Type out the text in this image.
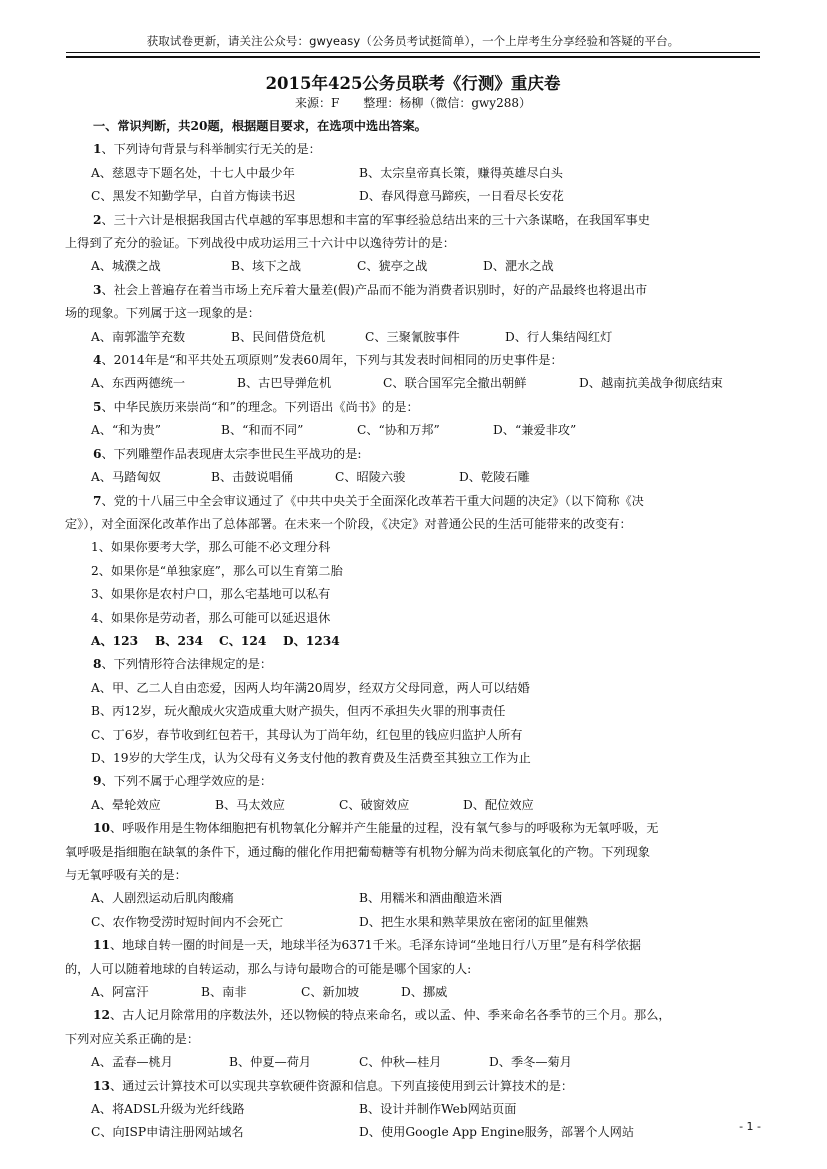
获取试卷更新，请关注公众号：gwyeasy（公务员考试挺简单），一个上岸考生分享经验和答疑的平台。
2015年425公务员联考《行测》重庆卷
来源：F　　整理：杨柳（微信：gwy288）

一、常识判断，共20题，根据题目要求，在选项中选出答案。

1、下列诗句背景与科举制实行无关的是：

A、慈恩寺下题名处，十七人中最少年	B、太宗皇帝真长策，赚得英雄尽白头

C、黑发不知勤学早，白首方悔读书迟	D、春风得意马蹄疾，一日看尽长安花

2、三十六计是根据我国古代卓越的军事思想和丰富的军事经验总结出来的三十六条谋略，在我国军事史

上得到了充分的验证。下列战役中成功运用三十六计中以逸待劳计的是：

A、城濮之战	B、垓下之战	C、猇亭之战	D、淝水之战

3、社会上普遍存在着当市场上充斥着大量差(假)产品而不能为消费者识别时，好的产品最终也将退出市

场的现象。下列属于这一现象的是：

A、南郭滥竽充数	B、民间借贷危机	C、三聚氰胺事件	D、行人集结闯红灯

4、2014年是“和平共处五项原则”发表60周年，下列与其发表时间相同的历史事件是：

A、东西两德统一	B、古巴导弹危机	C、联合国军完全撤出朝鲜	D、越南抗美战争彻底结束

5、中华民族历来崇尚“和”的理念。下列语出《尚书》的是：

A、“和为贵”	B、“和而不同”	C、“协和万邦”	D、“兼爱非攻”

6、下列雕塑作品表现唐太宗李世民生平战功的是:

A、马踏匈奴	B、击鼓说唱俑	C、昭陵六骏	D、乾陵石雕

7、党的十八届三中全会审议通过了《中共中央关于全面深化改革若干重大问题的决定》（以下简称《决

定》），对全面深化改革作出了总体部署。在未来一个阶段，《决定》对普通公民的生活可能带来的改变有：

1、如果你要考大学，那么可能不必文理分科

2、如果你是“单独家庭”，那么可以生育第二胎

3、如果你是农村户口，那么宅基地可以私有

4、如果你是劳动者，那么可能可以延迟退休

A、123 B、234 C、124 D、1234

8、下列情形符合法律规定的是：

A、甲、乙二人自由恋爱，因两人均年满20周岁，经双方父母同意，两人可以结婚

B、丙12岁，玩火酿成火灾造成重大财产损失，但丙不承担失火罪的刑事责任

C、丁6岁，春节收到红包若干，其母认为丁尚年幼，红包里的钱应归监护人所有

D、19岁的大学生戊，认为父母有义务支付他的教育费及生活费至其独立工作为止

9、下列不属于心理学效应的是：

A、晕轮效应	B、马太效应	C、破窗效应	D、配位效应

10、呼吸作用是生物体细胞把有机物氧化分解并产生能量的过程，没有氧气参与的呼吸称为无氧呼吸，无

氧呼吸是指细胞在缺氧的条件下，通过酶的催化作用把葡萄糖等有机物分解为尚未彻底氧化的产物。下列现象

与无氧呼吸有关的是：

A、人剧烈运动后肌肉酸痛	B、用糯米和酒曲酿造米酒

C、农作物受涝时短时间内不会死亡	D、把生水果和熟苹果放在密闭的缸里催熟

11、地球自转一圈的时间是一天，地球半径为6371千米。毛泽东诗词“坐地日行八万里”是有科学依据

的，人可以随着地球的自转运动，那么与诗句最吻合的可能是哪个国家的人:

A、阿富汗	B、南非	C、新加坡	D、挪威

12、古人记月除常用的序数法外，还以物候的特点来命名，或以孟、仲、季来命名各季节的三个月。那么，

下列对应关系正确的是：

A、孟春—桃月	B、仲夏—荷月	C、仲秋—桂月	D、季冬—菊月

13、通过云计算技术可以实现共享软硬件资源和信息。下列直接使用到云计算技术的是：

A、将ADSL升级为光纤线路	B、设计并制作Web网站页面

C、向ISP申请注册网站域名	D、使用Google App Engine服务，部署个人网站	- 1 -
